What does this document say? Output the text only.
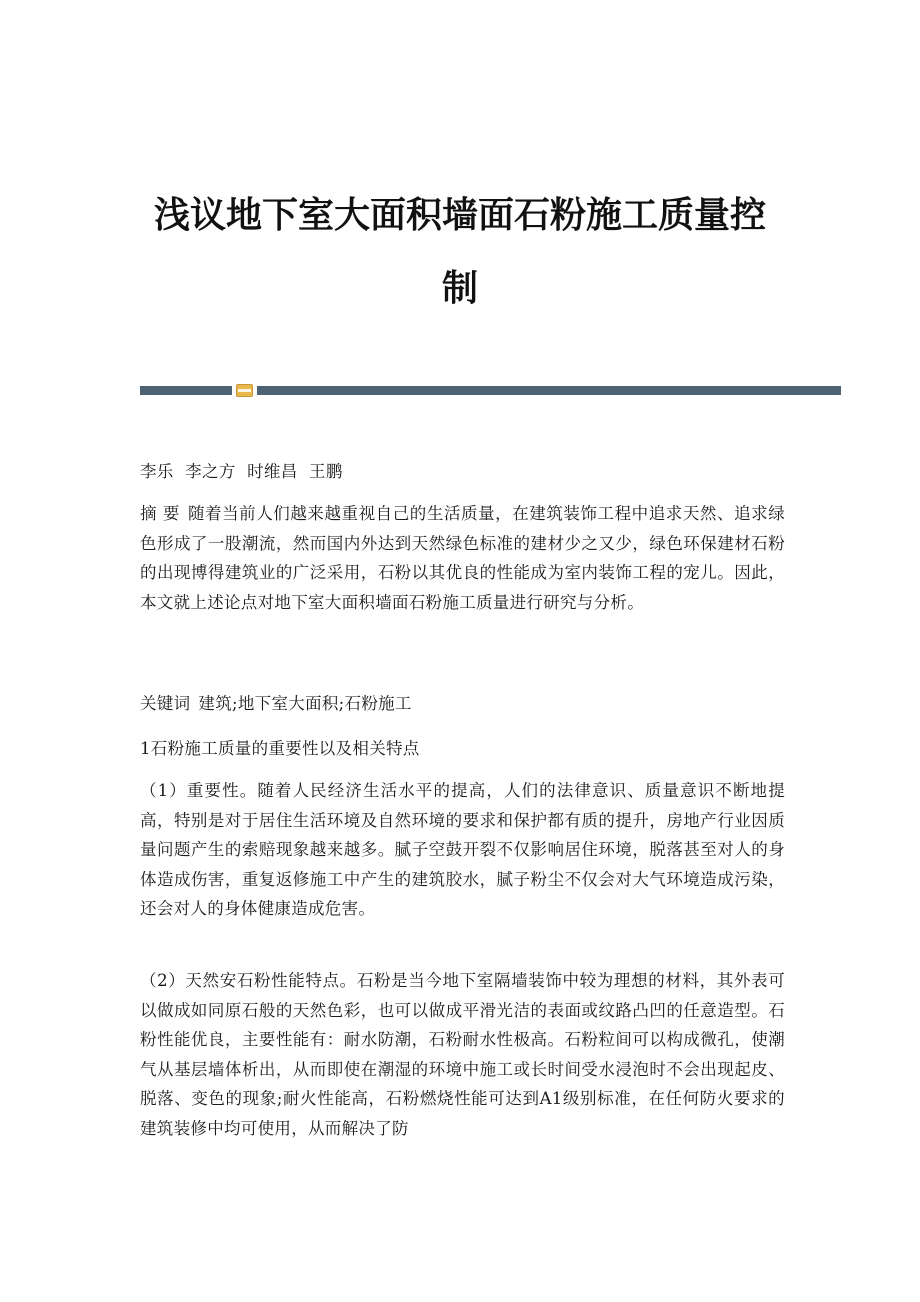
浅议地下室大面积墙面石粉施工质量控
制

李乐 李之方 时维昌 王鹏

摘 要 随着当前人们越来越重视自己的生活质量，在建筑装饰工程中追求天然、追求绿色形成了一股潮流，然而国内外达到天然绿色标准的建材少之又少，绿色环保建材石粉的出现博得建筑业的广泛采用，石粉以其优良的性能成为室内装饰工程的宠儿。因此，本文就上述论点对地下室大面积墙面石粉施工质量进行研究与分析。

关键词 建筑;地下室大面积;石粉施工

1石粉施工质量的重要性以及相关特点

（1）重要性。随着人民经济生活水平的提高，人们的法律意识、质量意识不断地提高，特别是对于居住生活环境及自然环境的要求和保护都有质的提升，房地产行业因质量问题产生的索赔现象越来越多。腻子空鼓开裂不仅影响居住环境，脱落甚至对人的身体造成伤害，重复返修施工中产生的建筑胶水，腻子粉尘不仅会对大气环境造成污染，还会对人的身体健康造成危害。

（2）天然安石粉性能特点。石粉是当今地下室隔墙装饰中较为理想的材料，其外表可以做成如同原石般的天然色彩，也可以做成平滑光洁的表面或纹路凸凹的任意造型。石粉性能优良，主要性能有：耐水防潮，石粉耐水性极高。石粉粒间可以构成微孔，使潮气从基层墙体析出，从而即使在潮湿的环境中施工或长时间受水浸泡时不会出现起皮、脱落、变色的现象;耐火性能高，石粉燃烧性能可达到A1级别标准，在任何防火要求的建筑装修中均可使用，从而解决了防
